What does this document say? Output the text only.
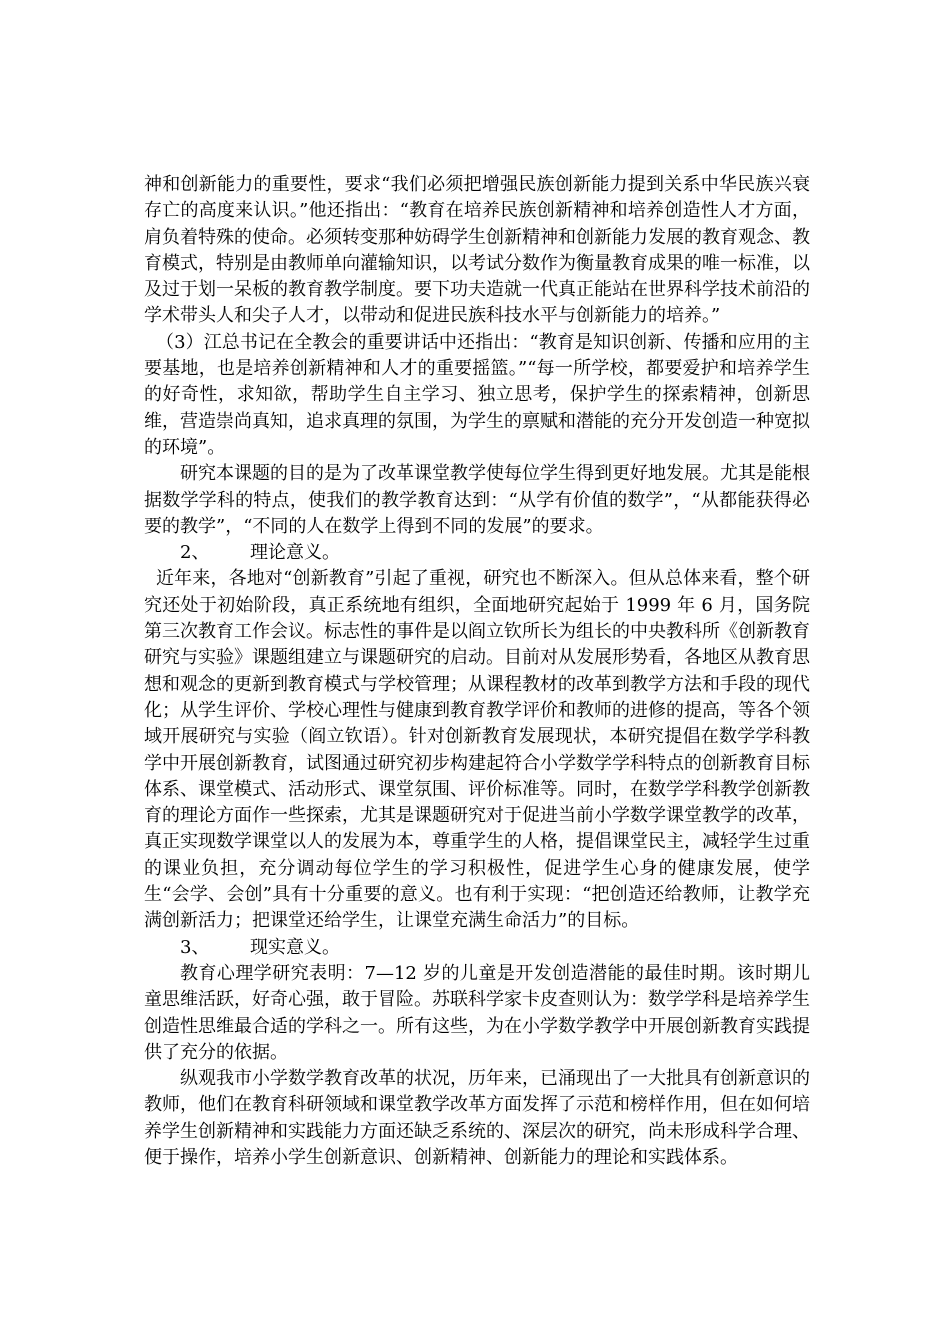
神和创新能力的重要性，要求“我们必须把增强民族创新能力提到关系中华民族兴衰存亡的高度来认识。”他还指出：“教育在培养民族创新精神和培养创造性人才方面，肩负着特殊的使命。必须转变那种妨碍学生创新精神和创新能力发展的教育观念、教育模式，特别是由教师单向灌输知识，以考试分数作为衡量教育成果的唯一标准，以及过于划一呆板的教育教学制度。要下功夫造就一代真正能站在世界科学技术前沿的学术带头人和尖子人才，以带动和促进民族科技水平与创新能力的培养。”

（3）江总书记在全教会的重要讲话中还指出：“教育是知识创新、传播和应用的主要基地，也是培养创新精神和人才的重要摇篮。”“每一所学校，都要爱护和培养学生的好奇性，求知欲，帮助学生自主学习、独立思考，保护学生的探索精神，创新思维，营造崇尚真知，追求真理的氛围，为学生的禀赋和潜能的充分开发创造一种宽拟的环境”。

研究本课题的目的是为了改革课堂教学使每位学生得到更好地发展。尤其是能根据数学学科的特点，使我们的教学教育达到：“从学有价值的数学”，“从都能获得必要的教学”，“不同的人在数学上得到不同的发展”的要求。

2、	理论意义。

近年来，各地对“创新教育”引起了重视，研究也不断深入。但从总体来看，整个研究还处于初始阶段，真正系统地有组织，全面地研究起始于 1999 年 6 月，国务院第三次教育工作会议。标志性的事件是以阎立钦所长为组长的中央教科所《创新教育研究与实验》课题组建立与课题研究的启动。目前对从发展形势看，各地区从教育思想和观念的更新到教育模式与学校管理；从课程教材的改革到教学方法和手段的现代化；从学生评价、学校心理性与健康到教育教学评价和教师的进修的提高，等各个领域开展研究与实验（阎立钦语）。针对创新教育发展现状，本研究提倡在数学学科教学中开展创新教育，试图通过研究初步构建起符合小学数学学科特点的创新教育目标体系、课堂模式、活动形式、课堂氛围、评价标准等。同时，在数学学科教学创新教育的理论方面作一些探索，尤其是课题研究对于促进当前小学数学课堂教学的改革，真正实现数学课堂以人的发展为本，尊重学生的人格，提倡课堂民主，减轻学生过重的课业负担，充分调动每位学生的学习积极性，促进学生心身的健康发展，使学生“会学、会创”具有十分重要的意义。也有利于实现：“把创造还给教师，让教学充满创新活力；把课堂还给学生，让课堂充满生命活力”的目标。

3、	现实意义。

教育心理学研究表明：7—12 岁的儿童是开发创造潜能的最佳时期。该时期儿童思维活跃，好奇心强，敢于冒险。苏联科学家卡皮查则认为：数学学科是培养学生创造性思维最合适的学科之一。所有这些，为在小学数学教学中开展创新教育实践提供了充分的依据。

纵观我市小学数学教育改革的状况，历年来，已涌现出了一大批具有创新意识的教师，他们在教育科研领域和课堂教学改革方面发挥了示范和榜样作用，但在如何培养学生创新精神和实践能力方面还缺乏系统的、深层次的研究，尚未形成科学合理、便于操作，培养小学生创新意识、创新精神、创新能力的理论和实践体系。
